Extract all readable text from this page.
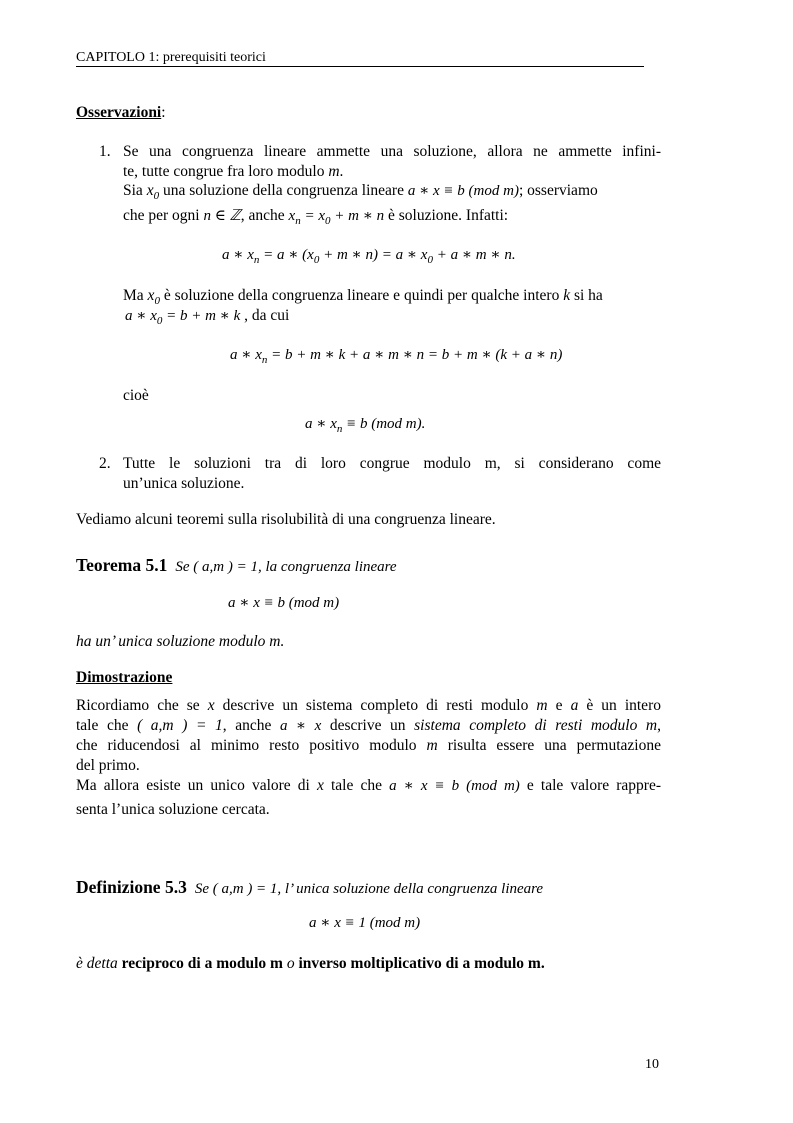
CAPITOLO 1: prerequisiti teorici
Osservazioni:
1. Se una congruenza lineare ammette una soluzione, allora ne ammette infini-
te, tutte congrue fra loro modulo m.
Sia $x_0$ una soluzione della congruenza lineare a ∗ x ≡ b (mod m); osserviamo
che per ogni n ∈ ℤ, anche $x_n = x_0 + m$ ∗ n è soluzione. Infatti:
a ∗ $x_n = a$ ∗ ($x_0 + m$ ∗ n) = a ∗ $x_0 + a$ ∗ m ∗ n.
Ma $x_0$ è soluzione della congruenza lineare e quindi per qualche intero k si ha
a ∗ $x_0 = b + m$ ∗ k , da cui
a ∗ $x_n = b + m$ ∗ k + a ∗ m ∗ n = b + m ∗ (k + a ∗ n)
cioè
a ∗ $x_n \equiv b$ (mod m).
2. Tutte le soluzioni tra di loro congrue modulo m, si considerano come
un’unica soluzione.
Vediamo alcuni teoremi sulla risolubilità di una congruenza lineare.
Teorema 5.1 Se ( a,m ) = 1, la congruenza lineare
a ∗ x ≡ b (mod m)
ha un’ unica soluzione modulo m.
Dimostrazione
Ricordiamo che se x descrive un sistema completo di resti modulo m e a è un intero
tale che ( a,m ) = 1, anche a ∗ x descrive un sistema completo di resti modulo m,
che riducendosi al minimo resto positivo modulo m risulta essere una permutazione
del primo.
Ma allora esiste un unico valore di x tale che a ∗ x ≡ b (mod m) e tale valore rappre-
senta l’unica soluzione cercata.
Definizione 5.3 Se ( a,m ) = 1, l’ unica soluzione della congruenza lineare
a ∗ x ≡ 1 (mod m)
è detta reciproco di a modulo m o inverso moltiplicativo di a modulo m.
10
